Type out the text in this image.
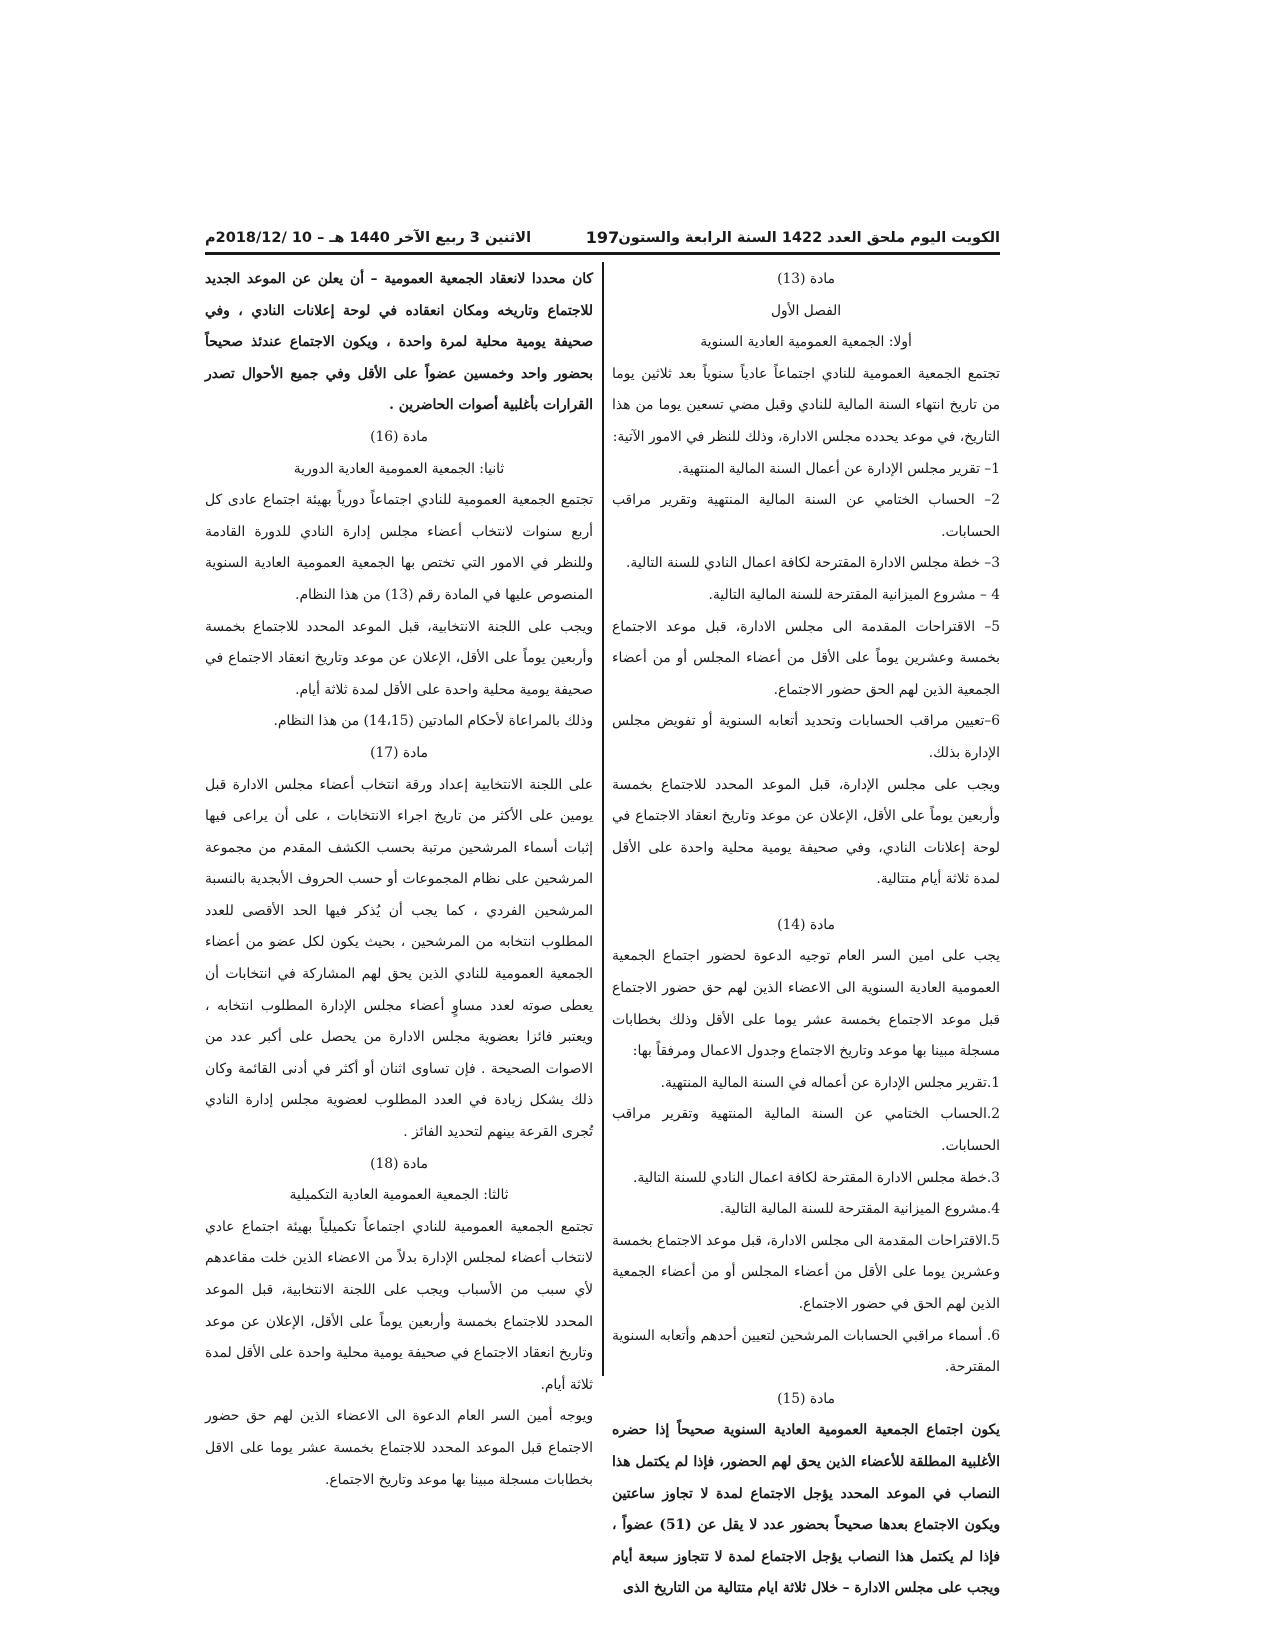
الكويت اليوم ملحق العدد 1422 السنة الرابعة والستون
197
الاثنين 3 ربيع الآخر 1440 هـ – 10 /2018/12م

مادة (13)

الفصل الأول

أولا: الجمعية العمومية العادية السنوية

تجتمع الجمعية العمومية للنادي اجتماعاً عادياً سنوياً بعد ثلاثين يوما من تاريخ انتهاء السنة المالية للنادي وقبل مضي تسعين يوما من هذا التاريخ، في موعد يحدده مجلس الادارة، وذلك للنظر في الامور الآتية:

1– تقرير مجلس الإدارة عن أعمال السنة المالية المنتهية.

2– الحساب الختامي عن السنة المالية المنتهية وتقرير مراقب الحسابات.

3– خطة مجلس الادارة المقترحة لكافة اعمال النادي للسنة التالية.

4 – مشروع الميزانية المقترحة للسنة المالية التالية.

5– الاقتراحات المقدمة الى مجلس الادارة، قبل موعد الاجتماع بخمسة وعشرين يوماً على الأقل من أعضاء المجلس أو من أعضاء الجمعية الذين لهم الحق حضور الاجتماع.

6–تعيين مراقب الحسابات وتحديد أتعابه السنوية أو تفويض مجلس الإدارة بذلك.

ويجب على مجلس الإدارة، قبل الموعد المحدد للاجتماع بخمسة وأربعين يوماً على الأقل، الإعلان عن موعد وتاريخ انعقاد الاجتماع في لوحة إعلانات النادي، وفي صحيفة يومية محلية واحدة على الأقل لمدة ثلاثة أيام متتالية.

مادة (14)

يجب على امين السر العام توجيه الدعوة لحضور اجتماع الجمعية العمومية العادية السنوية الى الاعضاء الذين لهم حق حضور الاجتماع قبل موعد الاجتماع بخمسة عشر يوما على الأقل وذلك بخطابات مسجلة مبينا بها موعد وتاريخ الاجتماع وجدول الاعمال ومرفقاً بها:

1.تقرير مجلس الإدارة عن أعماله في السنة المالية المنتهية.

2.الحساب الختامي عن السنة المالية المنتهية وتقرير مراقب الحسابات.

3.خطة مجلس الادارة المقترحة لكافة اعمال النادي للسنة التالية.

4.مشروع الميزانية المقترحة للسنة المالية التالية.

5.الاقتراحات المقدمة الى مجلس الادارة، قبل موعد الاجتماع بخمسة وعشرين يوما على الأقل من أعضاء المجلس أو من أعضاء الجمعية الذين لهم الحق في حضور الاجتماع.

6. أسماء مراقبي الحسابات المرشحين لتعيين أحدهم وأتعابه السنوية المقترحة.

مادة (15)

يكون اجتماع الجمعية العمومية العادية السنوية صحيحاً إذا حضره الأغلبية المطلقة للأعضاء الذين يحق لهم الحضور، فإذا لم يكتمل هذا النصاب في الموعد المحدد يؤجل الاجتماع لمدة لا تجاوز ساعتين ويكون الاجتماع بعدها صحيحاً بحضور عدد لا يقل عن (51) عضواً ، فإذا لم يكتمل هذا النصاب يؤجل الاجتماع لمدة لا تتجاوز سبعة أيام ويجب على مجلس الادارة – خلال ثلاثة ايام متتالية من التاريخ الذى

كان محددا لانعقاد الجمعية العمومية – أن يعلن عن الموعد الجديد للاجتماع وتاريخه ومكان انعقاده في لوحة إعلانات النادي ، وفي صحيفة يومية محلية لمرة واحدة ، ويكون الاجتماع عندئذ صحيحاً بحضور واحد وخمسين عضواً على الأقل وفي جميع الأحوال تصدر القرارات بأغلبية أصوات الحاضرين .

مادة (16)

ثانيا: الجمعية العمومية العادية الدورية

تجتمع الجمعية العمومية للنادي اجتماعاً دورياً بهيئة اجتماع عادى كل أربع سنوات لانتخاب أعضاء مجلس إدارة النادي للدورة القادمة وللنظر في الامور التي تختص بها الجمعية العمومية العادية السنوية المنصوص عليها في المادة رقم (13) من هذا النظام.

ويجب على اللجنة الانتخابية، قبل الموعد المحدد للاجتماع بخمسة وأربعين يوماً على الأقل، الإعلان عن موعد وتاريخ انعقاد الاجتماع في صحيفة يومية محلية واحدة على الأقل لمدة ثلاثة أيام.

وذلك بالمراعاة لأحكام المادتين (14،15) من هذا النظام.

مادة (17)

على اللجنة الانتخابية إعداد ورقة انتخاب أعضاء مجلس الادارة قبل يومين على الأكثر من تاريخ اجراء الانتخابات ، على أن يراعى فيها إثبات أسماء المرشحين مرتبة بحسب الكشف المقدم من مجموعة المرشحين على نظام المجموعات أو حسب الحروف الأبجدية بالنسبة المرشحين الفردي ، كما يجب أن يُذكر فيها الحد الأقصى للعدد المطلوب انتخابه من المرشحين ، بحيث يكون لكل عضو من أعضاء الجمعية العمومية للنادي الذين يحق لهم المشاركة في انتخابات أن يعطى صوته لعدد مساوٍ أعضاء مجلس الإدارة المطلوب انتخابه ، ويعتبر فائزا بعضوية مجلس الادارة من يحصل على أكبر عدد من الاصوات الصحيحة . فإن تساوى اثنان أو أكثر في أدنى القائمة وكان ذلك يشكل زيادة في العدد المطلوب لعضوية مجلس إدارة النادي تُجرى القرعة بينهم لتحديد الفائز .

مادة (18)

ثالثا: الجمعية العمومية العادية التكميلية

تجتمع الجمعية العمومية للنادي اجتماعاً تكميلياً بهيئة اجتماع عادي لانتخاب أعضاء لمجلس الإدارة بدلاً من الاعضاء الذين خلت مقاعدهم لأي سبب من الأسباب ويجب على اللجنة الانتخابية، قبل الموعد المحدد للاجتماع بخمسة وأربعين يوماً على الأقل، الإعلان عن موعد وتاريخ انعقاد الاجتماع في صحيفة يومية محلية واحدة على الأقل لمدة ثلاثة أيام.

ويوجه أمين السر العام الدعوة الى الاعضاء الذين لهم حق حضور الاجتماع قبل الموعد المحدد للاجتماع بخمسة عشر يوما على الاقل بخطابات مسجلة مبينا بها موعد وتاريخ الاجتماع.
